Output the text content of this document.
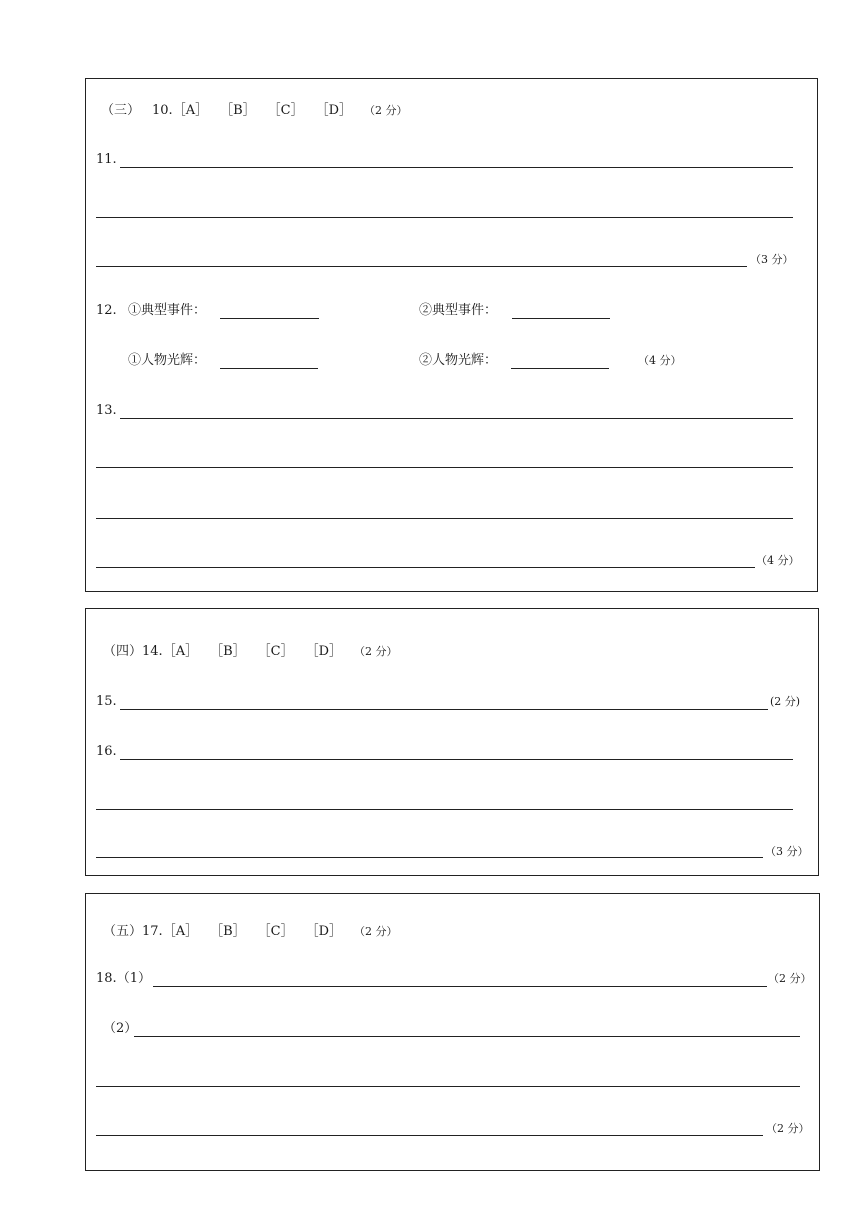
（三） 10.［A］ ［B］ ［C］ ［D］ （2 分）
11.
（3 分）
12. ①典型事件：	②典型事件：
①人物光辉：	②人物光辉：	（4 分）
13.
（4 分）
（四）14.［A］ ［B］ ［C］ ［D］ （2 分）
15.	(2 分)
16.
（3 分）
（五）17.［A］ ［B］ ［C］ ［D］ （2 分）
18.（1）	（2 分）
（2）
（2 分）
